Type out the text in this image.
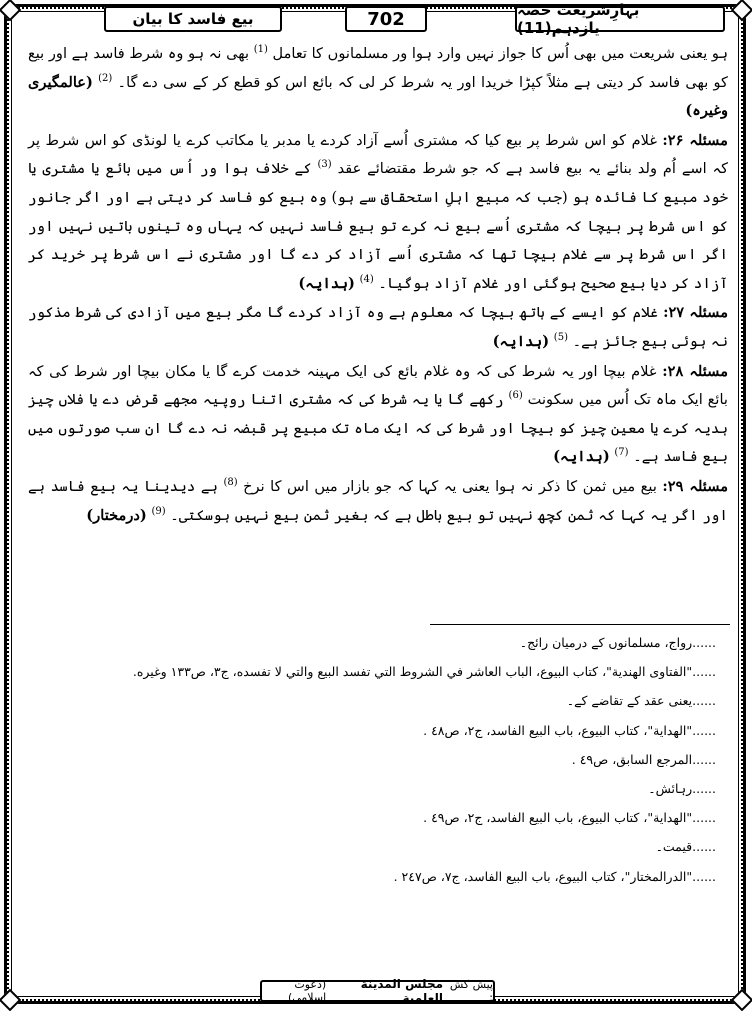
بیع فاسد کا بیان	702	بہارِشریعت حصہ یازدہم(11)

ہو یعنی شریعت میں بھی اُس کا جواز نہیں وارد ہوا ور مسلمانوں کا تعامل $^{(1)}$ بھی نہ ہو وہ شرط فاسد ہے اور بیع کو بھی فاسد کر دیتی ہے مثلاً کپڑا خریدا اور یہ شرط کر لی کہ بائع اس کو قطع کر کے سی دے گا۔ $^{(2)}$ (عالمگیری وغیرہ)

مسئلہ ۲۶: غلام کو اس شرط پر بیع کیا کہ مشتری اُسے آزاد کردے یا مدبر یا مکاتب کرے یا لونڈی کو اس شرط پر کہ اسے اُم ولد بنائے یہ بیع فاسد ہے کہ جو شرط مقتضائے عقد $^{(3)}$ کے خلاف ہوا ور اُس میں بائع یا مشتری یا خود مبیع کا فائدہ ہو (جب کہ مبیع اہلِ استحقاق سے ہو) وہ بیع کو فاسد کر دیتی ہے اور اگر جانور کو اس شرط پر بیچا کہ مشتری اُسے بیع نہ کرے تو بیع فاسد نہیں کہ یہاں وہ تینوں باتیں نہیں اور اگر اس شرط پر سے غلام بیچا تھا کہ مشتری اُسے آزاد کر دے گا اور مشتری نے اس شرط پر خرید کر آزاد کر دیا بیع صحیح ہوگئی اور غلام آزاد ہوگیا۔ $^{(4)}$ (ہدایہ)

مسئلہ ۲۷: غلام کو ایسے کے ہاتھ بیچا کہ معلوم ہے وہ آزاد کردے گا مگر بیع میں آزادی کی شرط مذکور نہ ہوئی بیع جائز ہے۔ $^{(5)}$ (ہدایہ)

مسئلہ ۲۸: غلام بیچا اور یہ شرط کی کہ وہ غلام بائع کی ایک مہینہ خدمت کرے گا یا مکان بیچا اور شرط کی کہ بائع ایک ماہ تک اُس میں سکونت $^{(6)}$ رکھے گا یا یہ شرط کی کہ مشتری اتنا روپیہ مجھے قرض دے یا فلاں چیز ہدیہ کرے یا معین چیز کو بیچا اور شرط کی کہ ایک ماہ تک مبیع پر قبضہ نہ دے گا ان سب صورتوں میں بیع فاسد ہے۔ $^{(7)}$ (ہدایہ)

مسئلہ ۲۹: بیع میں ثمن کا ذکر نہ ہوا یعنی یہ کہا کہ جو بازار میں اس کا نرخ $^{(8)}$ ہے دیدینا یہ بیع فاسد ہے اور اگر یہ کہا کہ ثمن کچھ نہیں تو بیع باطل ہے کہ بغیر ثمن بیع نہیں ہوسکتی۔ $^{(9)}$ (درمختار)

......رواج، مسلمانوں کے درمیان رائج۔
......"الفتاوی الهندية"، كتاب البيوع، الباب العاشر في الشروط التي تفسد البيع والتي لا تفسده، ج٣، ص١٣٣ وغيره.
......یعنی عقد کے تقاضے کے۔
......"الهداية"، كتاب البيوع، باب البيع الفاسد، ج٢، ص٤٨ .
......المرجع السابق، ص٤٩ .
......رہائش۔
......"الهداية"، كتاب البيوع، باب البيع الفاسد، ج٢، ص٤٩ .
......قیمت۔
......"الدرالمختار"، كتاب البيوع، باب البيع الفاسد، ج٧، ص٢٤٧ .
پیش کش :
مجلس المدينة العلمية
(دعوت اسلامی)
